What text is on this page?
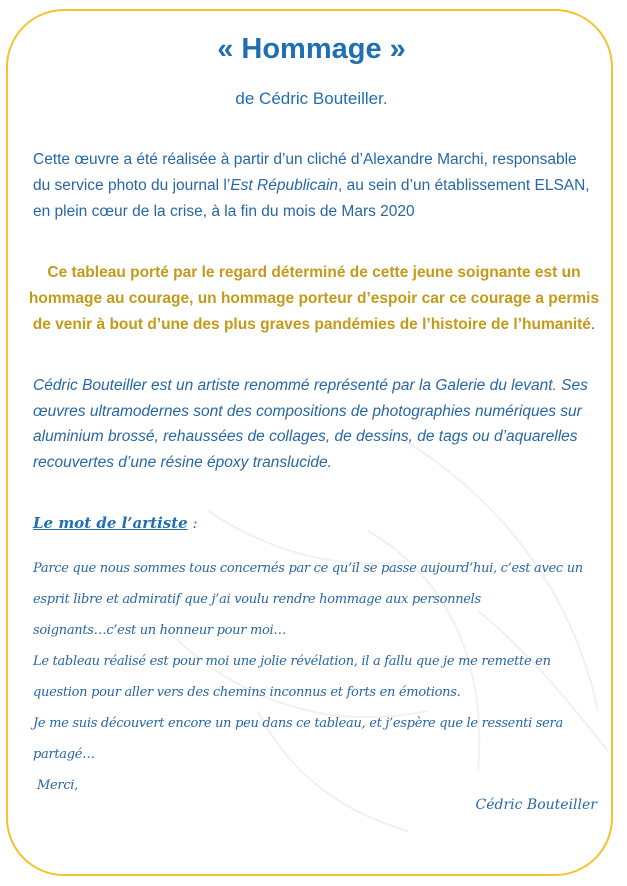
« Hommage »

de Cédric Bouteiller.

Cette œuvre a été réalisée à partir d’un cliché d’Alexandre Marchi, responsable du service photo du journal l’Est Républicain, au sein d’un établissement ELSAN, en plein cœur de la crise, à la fin du mois de Mars 2020

Ce tableau porté par le regard déterminé de cette jeune soignante est un hommage au courage, un hommage porteur d’espoir car ce courage a permis de venir à bout d’une des plus graves pandémies de l’histoire de l’humanité.

Cédric Bouteiller est un artiste renommé représenté par la Galerie du levant. Ses œuvres ultramodernes sont des compositions de photographies numériques sur aluminium brossé, rehaussées de collages, de dessins, de tags ou d’aquarelles recouvertes d’une résine époxy translucide.

Le mot de l’artiste :

Parce que nous sommes tous concernés par ce qu’il se passe aujourd’hui, c’est avec un
esprit libre et admiratif que j’ai voulu rendre hommage aux personnels
soignants…c’est un honneur pour moi…
Le tableau réalisé est pour moi une jolie révélation, il a fallu que je me remette en
question pour aller vers des chemins inconnus et forts en émotions.
Je me suis découvert encore un peu dans ce tableau, et j’espère que le ressenti sera
partagé…
Merci,

Cédric Bouteiller
